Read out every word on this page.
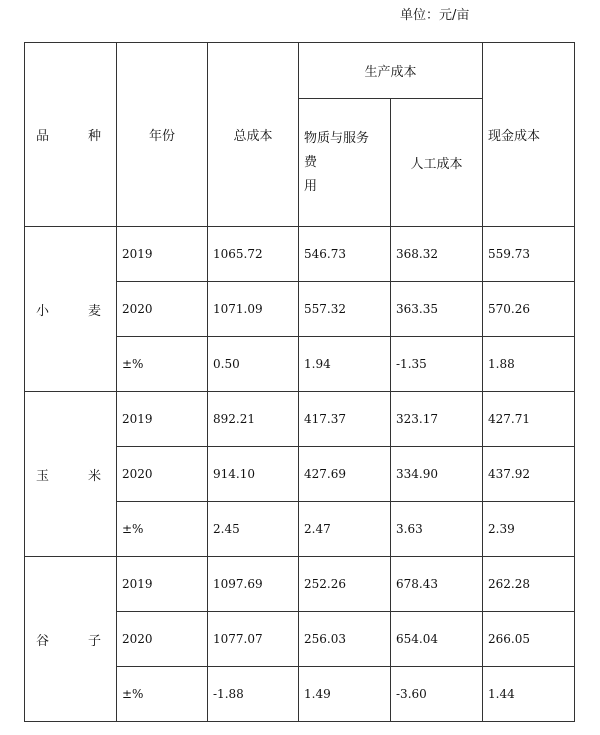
单位：元/亩
品 种	年份	总成本	生产成本		现金成本

			物质与服务
费
用	人工成本	

小 麦	2019	1065.72	546.73	368.32	559.73
	2020	1071.09	557.32	363.35	570.26
	±%	0.50	1.94	-1.35	1.88

玉 米	2019	892.21	417.37	323.17	427.71
	2020	914.10	427.69	334.90	437.92
	±%	2.45	2.47	3.63	2.39

谷 子	2019	1097.69	252.26	678.43	262.28
	2020	1077.07	256.03	654.04	266.05
	±%	-1.88	1.49	-3.60	1.44
